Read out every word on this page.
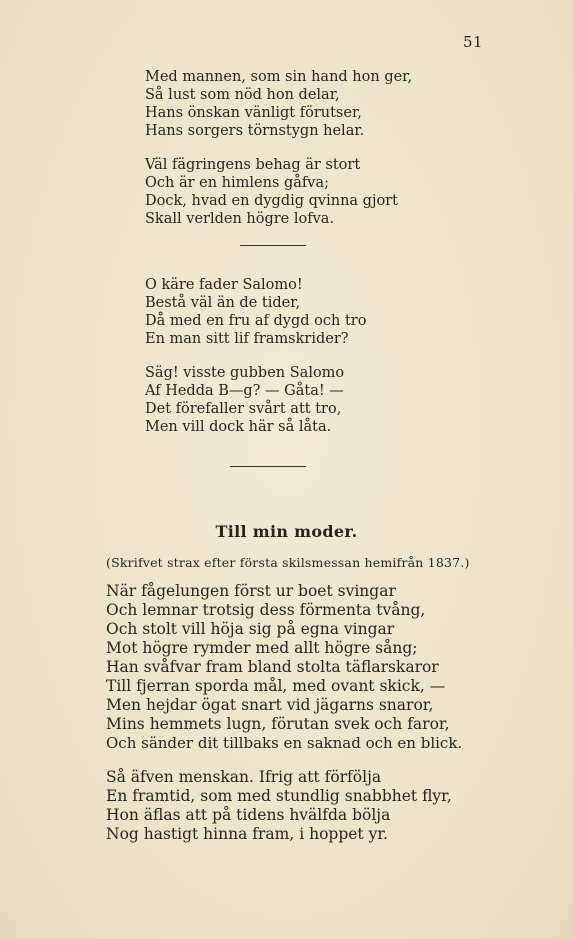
51
Med mannen, som sin hand hon ger,
Så lust som nöd hon delar,
Hans önskan vänligt förutser,
Hans sorgers törnstygn helar.
Väl fägringens behag är stort
Och är en himlens gåfva;
Dock, hvad en dygdig qvinna gjort
Skall verlden högre lofva.
O käre fader Salomo!
Bestå väl än de tider,
Då med en fru af dygd och tro
En man sitt lif framskrider?
Säg! visste gubben Salomo
Af Hedda B—g? — Gåta! —
Det förefaller svårt att tro,
Men vill dock här så låta.
Till min moder.
(Skrifvet strax efter första skilsmessan hemifrån 1837.)
När fågelungen först ur boet svingar
Och lemnar trotsig dess förmenta tvång,
Och stolt vill höja sig på egna vingar
Mot högre rymder med allt högre sång;
Han svåfvar fram bland stolta täflarskaror
Till fjerran sporda mål, med ovant skick, —
Men hejdar ögat snart vid jägarns snaror,
Mins hemmets lugn, förutan svek och faror,
Och sänder dit tillbaks en saknad och en blick.
Så äfven menskan. Ifrig att förfölja
En framtid, som med stundlig snabbhet flyr,
Hon äflas att på tidens hvälfda bölja
Nog hastigt hinna fram, i hoppet yr.
